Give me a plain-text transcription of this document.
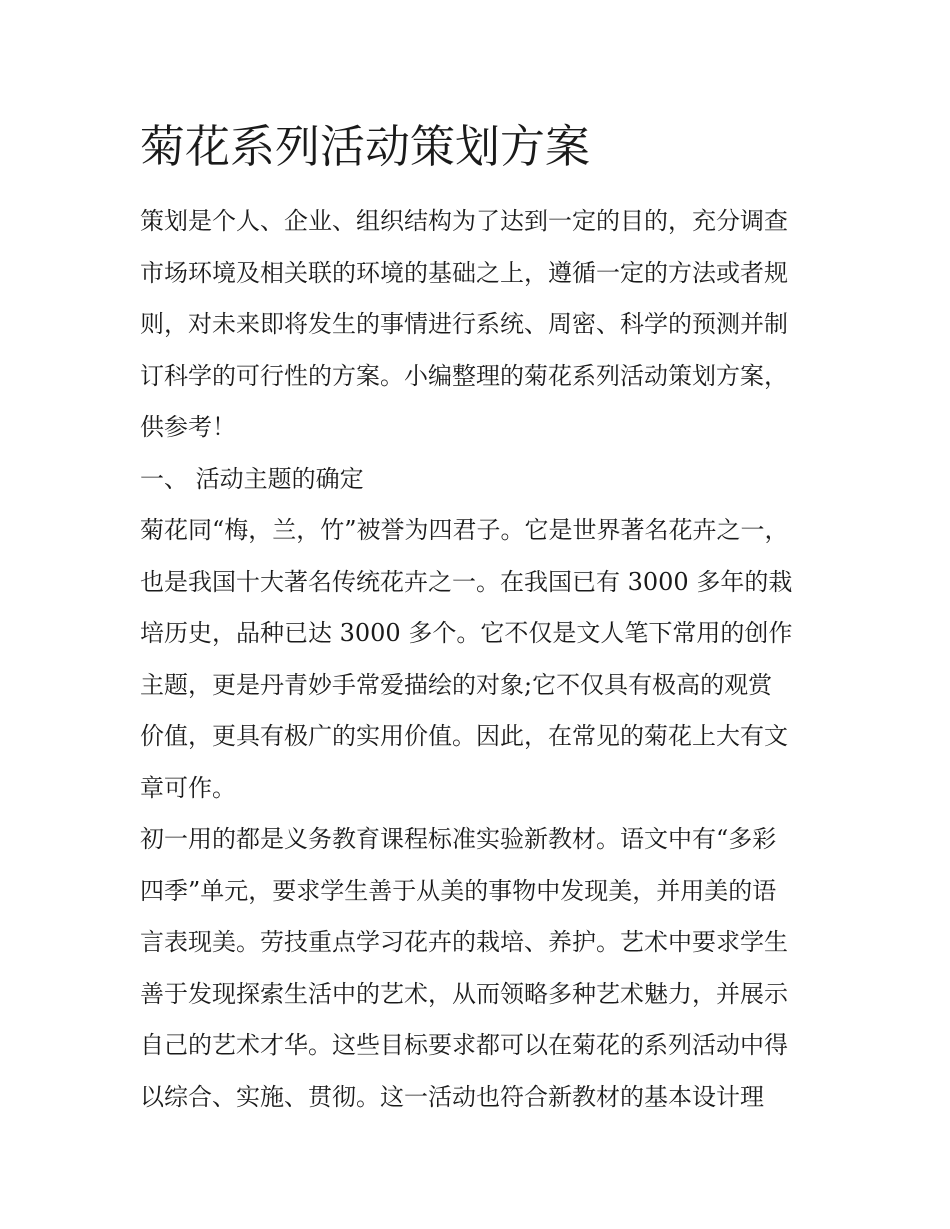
菊花系列活动策划方案
策划是个人、企业、组织结构为了达到一定的目的，充分调查
市场环境及相关联的环境的基础之上，遵循一定的方法或者规
则，对未来即将发生的事情进行系统、周密、科学的预测并制
订科学的可行性的方案。小编整理的菊花系列活动策划方案，
供参考！
一、 活动主题的确定
菊花同“梅，兰，竹”被誉为四君子。它是世界著名花卉之一，
也是我国十大著名传统花卉之一。在我国已有 3000 多年的栽
培历史，品种已达 3000 多个。它不仅是文人笔下常用的创作
主题，更是丹青妙手常爱描绘的对象;它不仅具有极高的观赏
价值，更具有极广的实用价值。因此，在常见的菊花上大有文
章可作。
初一用的都是义务教育课程标准实验新教材。语文中有“多彩
四季”单元，要求学生善于从美的事物中发现美，并用美的语
言表现美。劳技重点学习花卉的栽培、养护。艺术中要求学生
善于发现探索生活中的艺术，从而领略多种艺术魅力，并展示
自己的艺术才华。这些目标要求都可以在菊花的系列活动中得
以综合、实施、贯彻。这一活动也符合新教材的基本设计理
